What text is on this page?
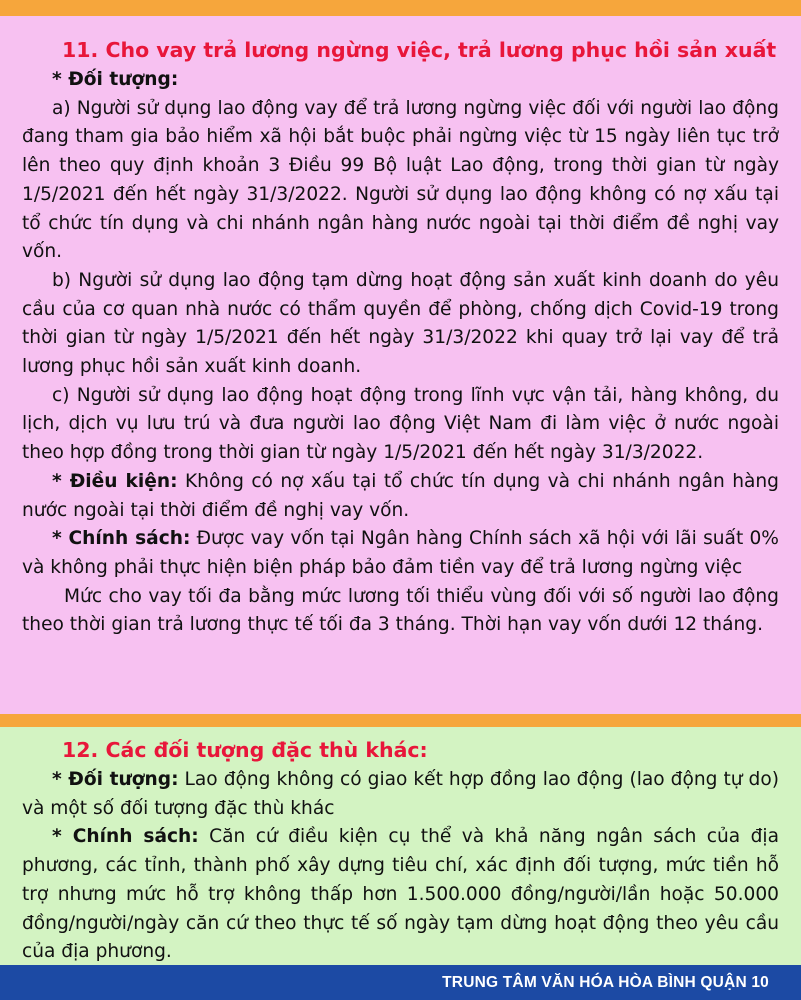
11. Cho vay trả lương ngừng việc, trả lương phục hồi sản xuất

* Đối tượng:

a) Người sử dụng lao động vay để trả lương ngừng việc đối với người lao động đang tham gia bảo hiểm xã hội bắt buộc phải ngừng việc từ 15 ngày liên tục trở lên theo quy định khoản 3 Điều 99 Bộ luật Lao động, trong thời gian từ ngày 1/5/2021 đến hết ngày 31/3/2022. Người sử dụng lao động không có nợ xấu tại tổ chức tín dụng và chi nhánh ngân hàng nước ngoài tại thời điểm đề nghị vay vốn.

b) Người sử dụng lao động tạm dừng hoạt động sản xuất kinh doanh do yêu cầu của cơ quan nhà nước có thẩm quyền để phòng, chống dịch Covid-19 trong thời gian từ ngày 1/5/2021 đến hết ngày 31/3/2022 khi quay trở lại vay để trả lương phục hồi sản xuất kinh doanh.

c) Người sử dụng lao động hoạt động trong lĩnh vực vận tải, hàng không, du lịch, dịch vụ lưu trú và đưa người lao động Việt Nam đi làm việc ở nước ngoài theo hợp đồng trong thời gian từ ngày 1/5/2021 đến hết ngày 31/3/2022.

* Điều kiện: Không có nợ xấu tại tổ chức tín dụng và chi nhánh ngân hàng nước ngoài tại thời điểm đề nghị vay vốn.

* Chính sách: Được vay vốn tại Ngân hàng Chính sách xã hội với lãi suất 0% và không phải thực hiện biện pháp bảo đảm tiền vay để trả lương ngừng việc

Mức cho vay tối đa bằng mức lương tối thiểu vùng đối với số người lao động theo thời gian trả lương thực tế tối đa 3 tháng. Thời hạn vay vốn dưới 12 tháng.

12. Các đối tượng đặc thù khác:

* Đối tượng: Lao động không có giao kết hợp đồng lao động (lao động tự do) và một số đối tượng đặc thù khác

* Chính sách: Căn cứ điều kiện cụ thể và khả năng ngân sách của địa phương, các tỉnh, thành phố xây dựng tiêu chí, xác định đối tượng, mức tiền hỗ trợ nhưng mức hỗ trợ không thấp hơn 1.500.000 đồng/người/lần hoặc 50.000 đồng/người/ngày căn cứ theo thực tế số ngày tạm dừng hoạt động theo yêu cầu của địa phương.

TRUNG TÂM VĂN HÓA HÒA BÌNH QUẬN 10
